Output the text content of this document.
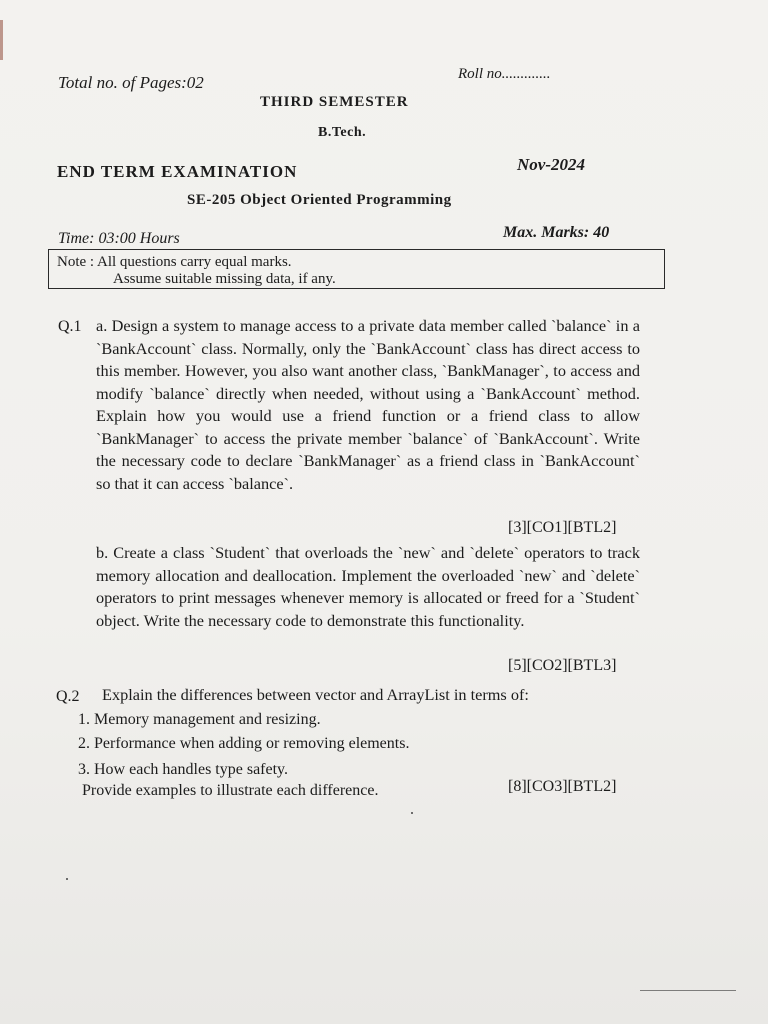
Total no. of Pages:02	Roll no.............
THIRD SEMESTER
B.Tech.
END TERM EXAMINATION	Nov-2024
SE-205 Object Oriented Programming
Time: 03:00 Hours	Max. Marks: 40
Note : All questions carry equal marks.
Assume suitable missing data, if any.
Q.1 a. Design a system to manage access to a private data member called `balance` in a `BankAccount` class. Normally, only the `BankAccount` class has direct access to this member. However, you also want another class, `BankManager`, to access and modify `balance` directly when needed, without using a `BankAccount` method. Explain how you would use a friend function or a friend class to allow `BankManager` to access the private member `balance` of `BankAccount`. Write the necessary code to declare `BankManager` as a friend class in `BankAccount` so that it can access `balance`.
[3][CO1][BTL2]
b. Create a class `Student` that overloads the `new` and `delete` operators to track memory allocation and deallocation. Implement the overloaded `new` and `delete` operators to print messages whenever memory is allocated or freed for a `Student` object. Write the necessary code to demonstrate this functionality.
[5][CO2][BTL3]
Q.2 Explain the differences between vector and ArrayList in terms of:
1. Memory management and resizing.
2. Performance when adding or removing elements.
3. How each handles type safety.
Provide examples to illustrate each difference.	[8][CO3][BTL2]
